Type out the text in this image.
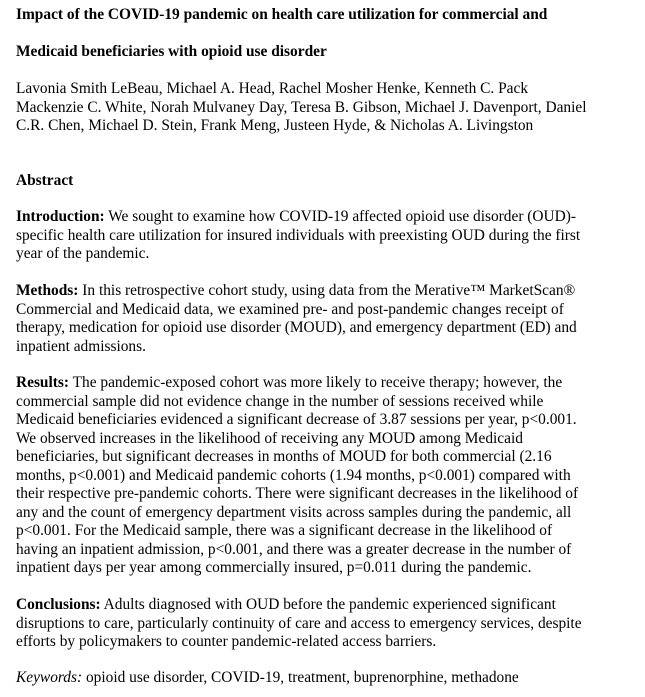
Impact of the COVID-19 pandemic on health care utilization for commercial and
Medicaid beneficiaries with opioid use disorder
Lavonia Smith LeBeau, Michael A. Head, Rachel Mosher Henke, Kenneth C. Pack
Mackenzie C. White, Norah Mulvaney Day, Teresa B. Gibson, Michael J. Davenport, Daniel
C.R. Chen, Michael D. Stein, Frank Meng, Justeen Hyde, & Nicholas A. Livingston
Abstract
Introduction: We sought to examine how COVID-19 affected opioid use disorder (OUD)-
specific health care utilization for insured individuals with preexisting OUD during the first
year of the pandemic.
Methods: In this retrospective cohort study, using data from the Merative™ MarketScan®
Commercial and Medicaid data, we examined pre- and post-pandemic changes receipt of
therapy, medication for opioid use disorder (MOUD), and emergency department (ED) and
inpatient admissions.
Results: The pandemic-exposed cohort was more likely to receive therapy; however, the
commercial sample did not evidence change in the number of sessions received while
Medicaid beneficiaries evidenced a significant decrease of 3.87 sessions per year, p<0.001.
We observed increases in the likelihood of receiving any MOUD among Medicaid
beneficiaries, but significant decreases in months of MOUD for both commercial (2.16
months, p<0.001) and Medicaid pandemic cohorts (1.94 months, p<0.001) compared with
their respective pre-pandemic cohorts. There were significant decreases in the likelihood of
any and the count of emergency department visits across samples during the pandemic, all
p<0.001. For the Medicaid sample, there was a significant decrease in the likelihood of
having an inpatient admission, p<0.001, and there was a greater decrease in the number of
inpatient days per year among commercially insured, p=0.011 during the pandemic.
Conclusions: Adults diagnosed with OUD before the pandemic experienced significant
disruptions to care, particularly continuity of care and access to emergency services, despite
efforts by policymakers to counter pandemic-related access barriers.
Keywords: opioid use disorder, COVID-19, treatment, buprenorphine, methadone
